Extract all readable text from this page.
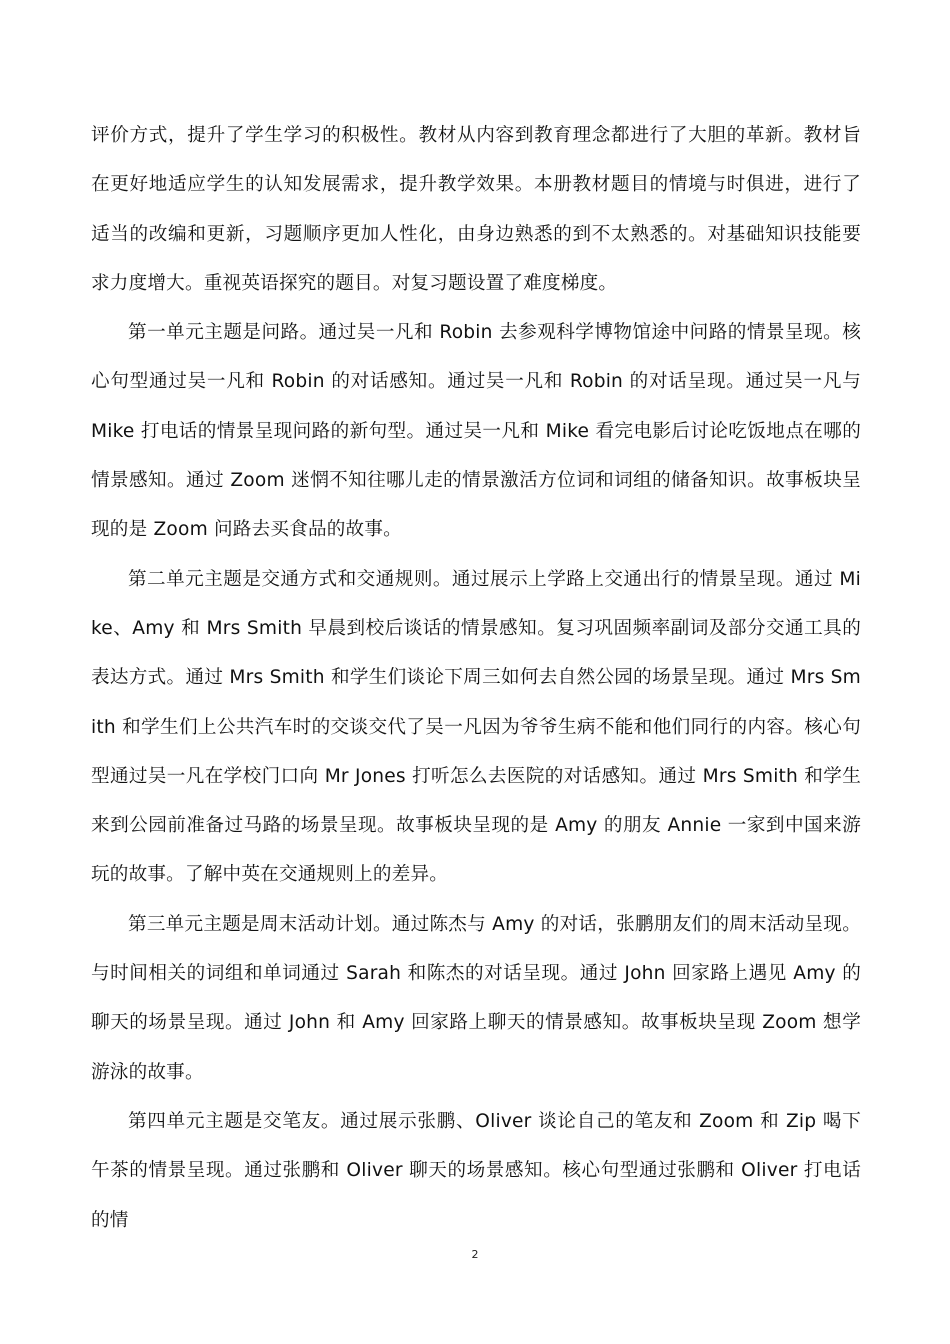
评价方式，提升了学生学习的积极性。教材从内容到教育理念都进行了大胆的革新。教材旨在更好地适应学生的认知发展需求，提升教学效果。本册教材题目的情境与时俱进，进行了适当的改编和更新，习题顺序更加人性化，由身边熟悉的到不太熟悉的。对基础知识技能要求力度增大。重视英语探究的题目。对复习题设置了难度梯度。

第一单元主题是问路。通过吴一凡和 Robin 去参观科学博物馆途中问路的情景呈现。核心句型通过吴一凡和 Robin 的对话感知。通过吴一凡和 Robin 的对话呈现。通过吴一凡与 Mike 打电话的情景呈现问路的新句型。通过吴一凡和 Mike 看完电影后讨论吃饭地点在哪的情景感知。通过 Zoom 迷惘不知往哪儿走的情景激活方位词和词组的储备知识。故事板块呈现的是 Zoom 问路去买食品的故事。

第二单元主题是交通方式和交通规则。通过展示上学路上交通出行的情景呈现。通过 Mike、Amy 和 Mrs Smith 早晨到校后谈话的情景感知。复习巩固频率副词及部分交通工具的表达方式。通过 Mrs Smith 和学生们谈论下周三如何去自然公园的场景呈现。通过 Mrs Smith 和学生们上公共汽车时的交谈交代了吴一凡因为爷爷生病不能和他们同行的内容。核心句型通过吴一凡在学校门口向 Mr Jones 打听怎么去医院的对话感知。通过 Mrs Smith 和学生来到公园前准备过马路的场景呈现。故事板块呈现的是 Amy 的朋友 Annie 一家到中国来游玩的故事。了解中英在交通规则上的差异。

第三单元主题是周末活动计划。通过陈杰与 Amy 的对话，张鹏朋友们的周末活动呈现。与时间相关的词组和单词通过 Sarah 和陈杰的对话呈现。通过 John 回家路上遇见 Amy 的聊天的场景呈现。通过 John 和 Amy 回家路上聊天的情景感知。故事板块呈现 Zoom 想学游泳的故事。

第四单元主题是交笔友。通过展示张鹏、Oliver 谈论自己的笔友和 Zoom 和 Zip 喝下午茶的情景呈现。通过张鹏和 Oliver 聊天的场景感知。核心句型通过张鹏和 Oliver 打电话的情

2
